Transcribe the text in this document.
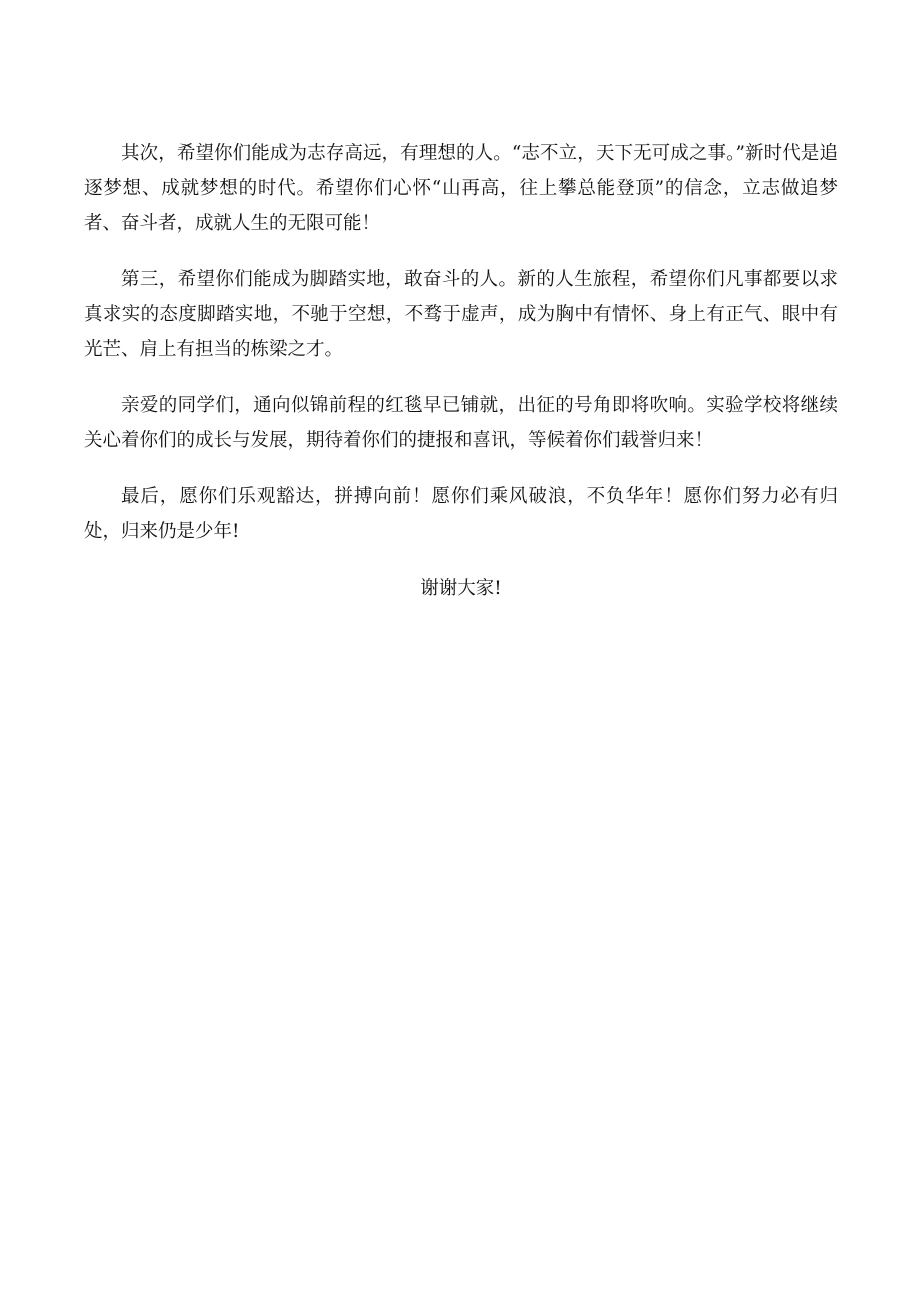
其次，希望你们能成为志存高远，有理想的人。“志不立，天下无可成之事。”新时代是追逐梦想、成就梦想的时代。希望你们心怀“山再高，往上攀总能登顶”的信念，立志做追梦者、奋斗者，成就人生的无限可能！

第三，希望你们能成为脚踏实地，敢奋斗的人。新的人生旅程，希望你们凡事都要以求真求实的态度脚踏实地，不驰于空想，不骛于虚声，成为胸中有情怀、身上有正气、眼中有光芒、肩上有担当的栋梁之才。

亲爱的同学们，通向似锦前程的红毯早已铺就，出征的号角即将吹响。实验学校将继续关心着你们的成长与发展，期待着你们的捷报和喜讯，等候着你们载誉归来！

最后，愿你们乐观豁达，拼搏向前！愿你们乘风破浪，不负华年！愿你们努力必有归处，归来仍是少年!

谢谢大家!
